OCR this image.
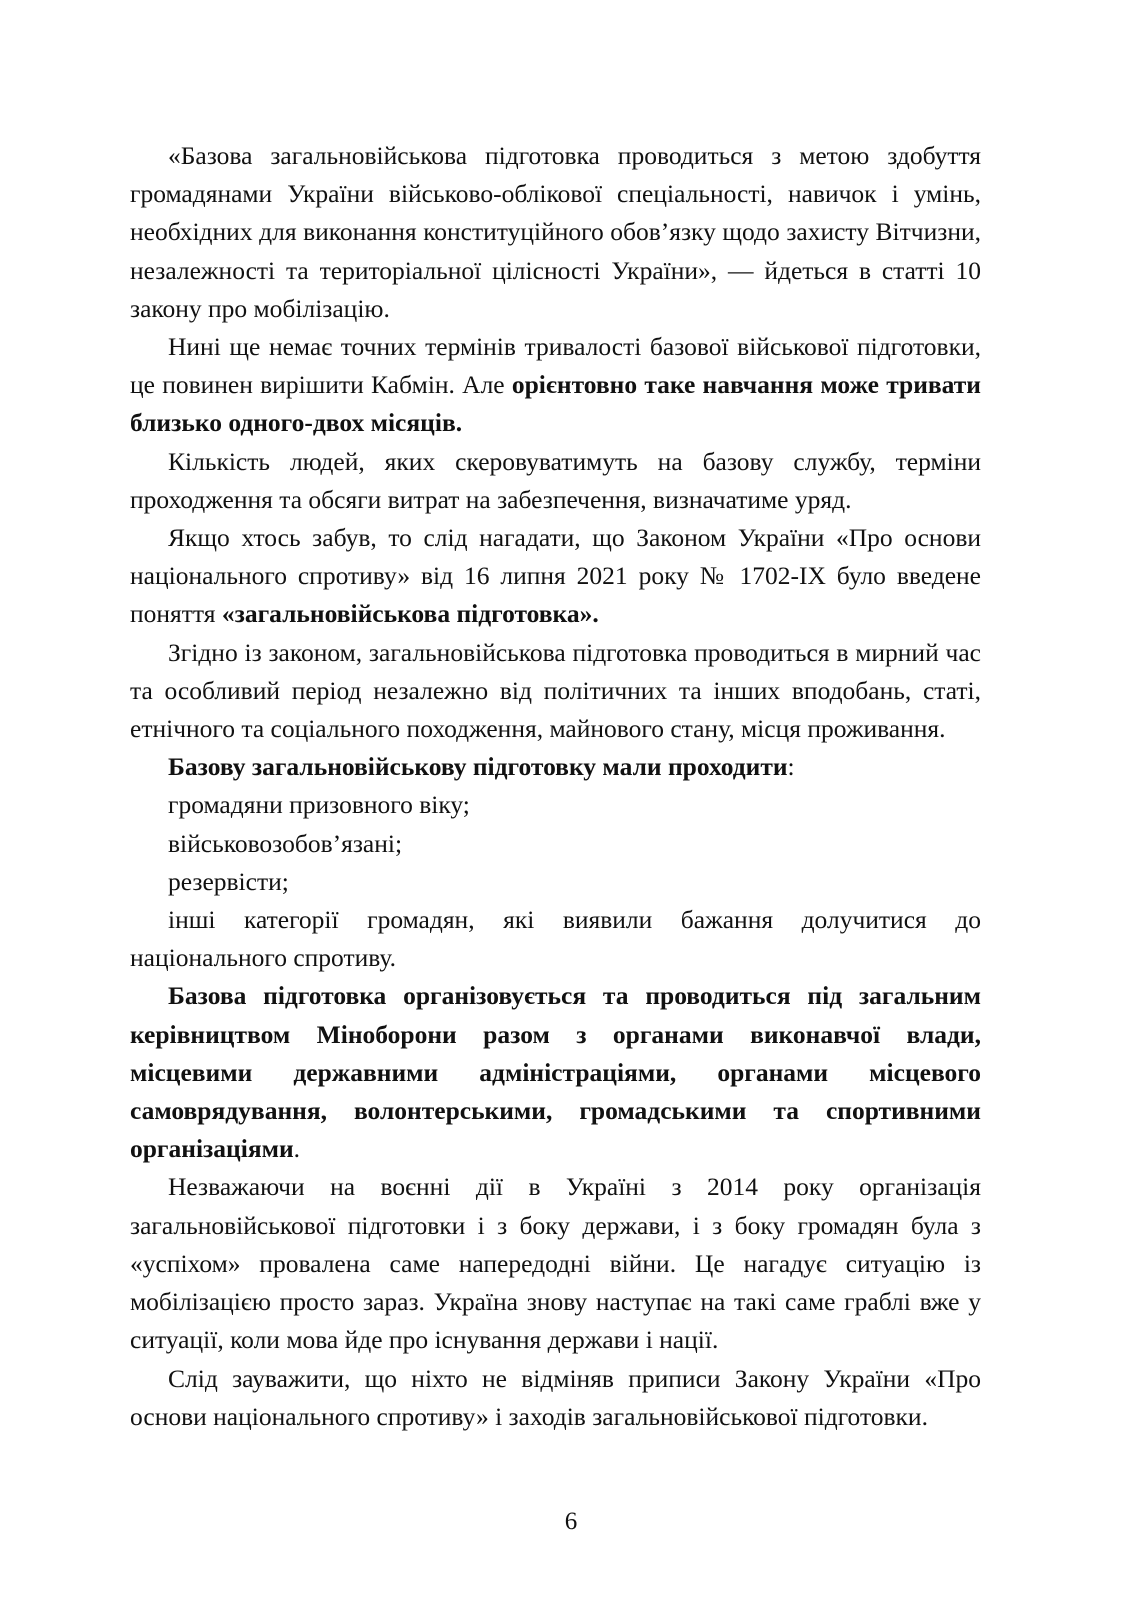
«Базова загальновійськова підготовка проводиться з метою здобуття громадянами України військово-облікової спеціальності, навичок і умінь, необхідних для виконання конституційного обов’язку щодо захисту Вітчизни, незалежності та територіальної цілісності України», — йдеться в статті 10 закону про мобілізацію.

Нині ще немає точних термінів тривалості базової військової підготовки, це повинен вирішити Кабмін. Але орієнтовно таке навчання може тривати близько одного-двох місяців.

Кількість людей, яких скеровуватимуть на базову службу, терміни проходження та обсяги витрат на забезпечення, визначатиме уряд.

Якщо хтось забув, то слід нагадати, що Законом України «Про основи національного спротиву» від 16 липня 2021 року № 1702-IX було введене поняття «загальновійськова підготовка».

Згідно із законом, загальновійськова підготовка проводиться в мирний час та особливий період незалежно від політичних та інших вподобань, статі, етнічного та соціального походження, майнового стану, місця проживання.

Базову загальновійськову підготовку мали проходити:

громадяни призовного віку;

військовозобов’язані;

резервісти;

інші категорії громадян, які виявили бажання долучитися до національного спротиву.

Базова підготовка організовується та проводиться під загальним керівництвом Міноборони разом з органами виконавчої влади, місцевими державними адміністраціями, органами місцевого самоврядування, волонтерськими, громадськими та спортивними організаціями.

Незважаючи на воєнні дії в Україні з 2014 року організація загальновійськової підготовки і з боку держави, і з боку громадян була з «успіхом» провалена саме напередодні війни. Це нагадує ситуацію із мобілізацією просто зараз. Україна знову наступає на такі саме граблі вже у ситуації, коли мова йде про існування держави і нації.

Слід зауважити, що ніхто не відміняв приписи Закону України «Про основи національного спротиву» і заходів загальновійськової підготовки.

6
